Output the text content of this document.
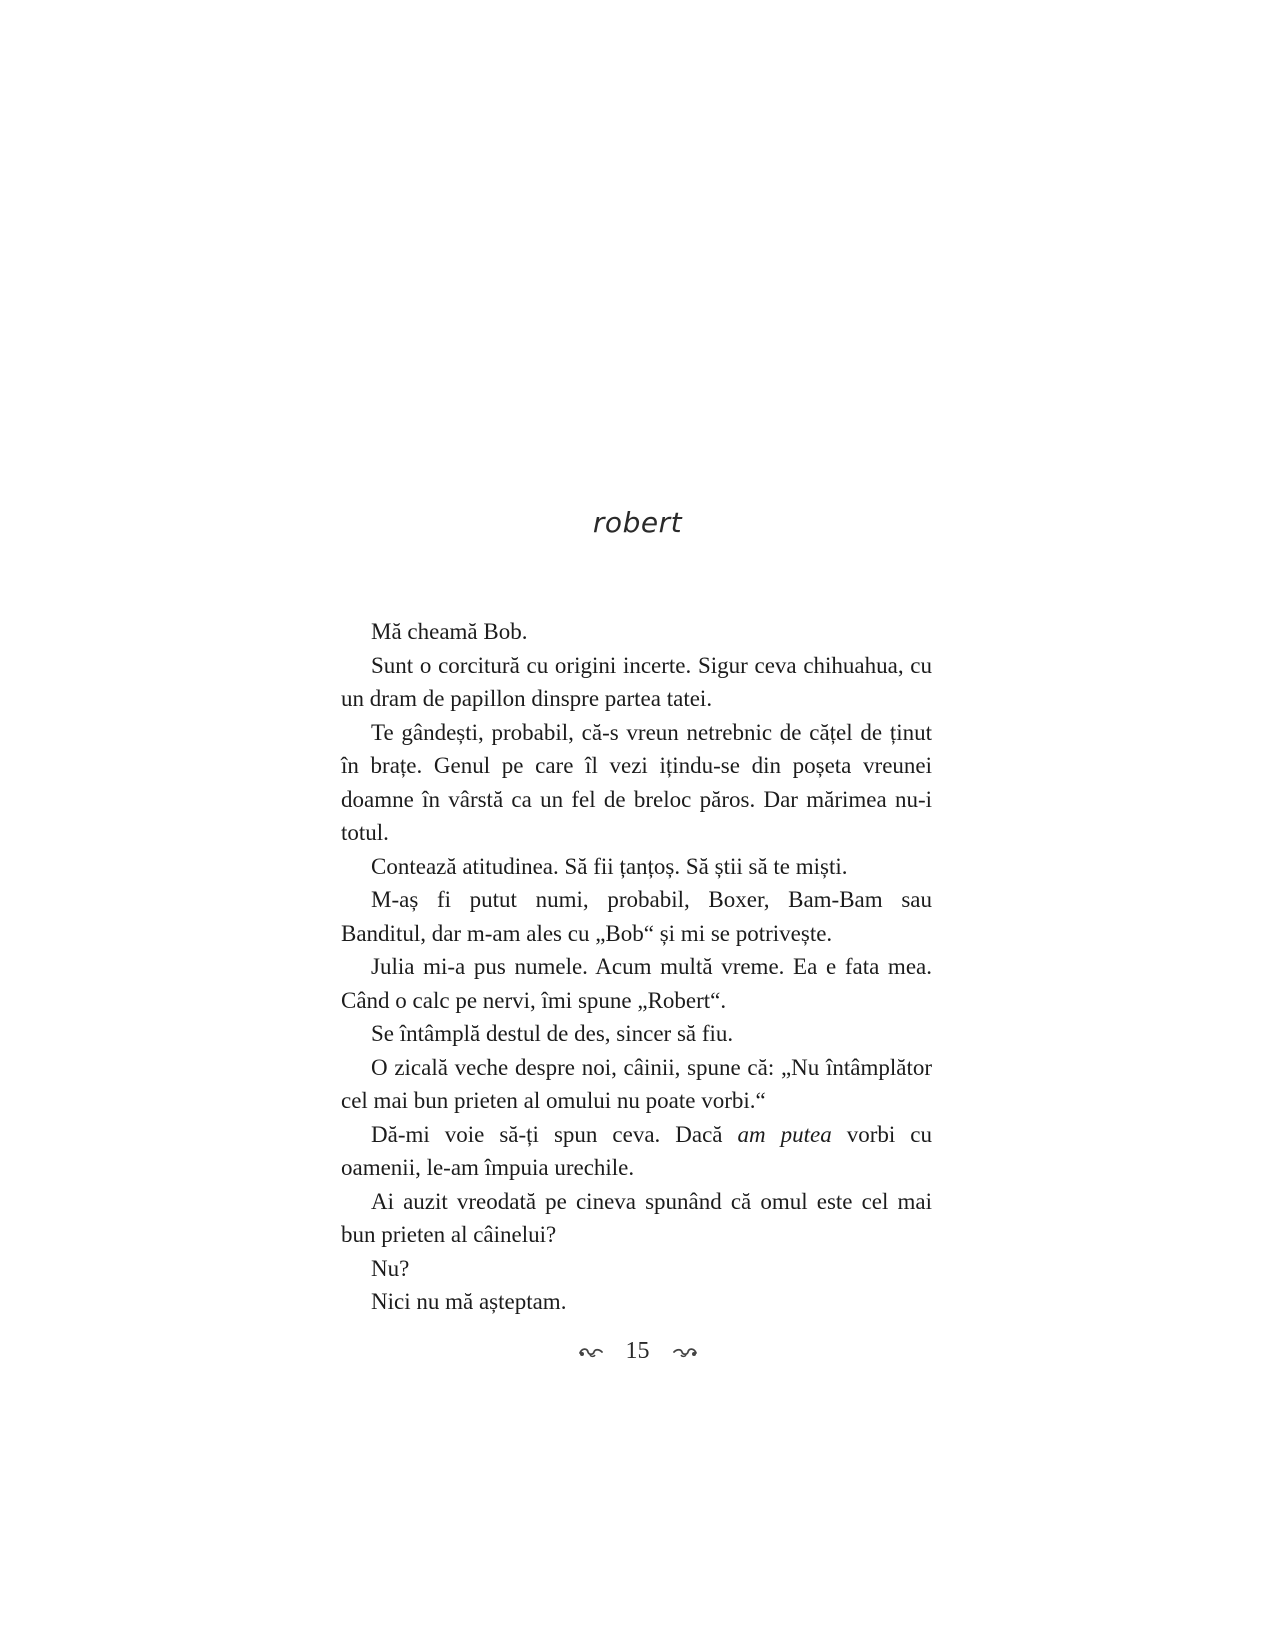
robert

Mă cheamă Bob.

Sunt o corcitură cu origini incerte. Sigur ceva chihuahua, cu un dram de papillon dinspre partea tatei.

Te gândești, probabil, că-s vreun netrebnic de cățel de ținut în brațe. Genul pe care îl vezi ițindu-se din poșeta vreunei doamne în vârstă ca un fel de breloc păros. Dar mărimea nu-i totul.

Contează atitudinea. Să fii țanțoș. Să știi să te miști.

M-aș fi putut numi, probabil, Boxer, Bam-Bam sau Banditul, dar m-am ales cu „Bob“ și mi se potrivește.

Julia mi-a pus numele. Acum multă vreme. Ea e fata mea. Când o calc pe nervi, îmi spune „Robert“.

Se întâmplă destul de des, sincer să fiu.

O zicală veche despre noi, câinii, spune că: „Nu întâmplător cel mai bun prieten al omului nu poate vorbi.“

Dă-mi voie să-ți spun ceva. Dacă am putea vorbi cu oamenii, le-am împuia urechile.

Ai auzit vreodată pe cineva spunând că omul este cel mai bun prieten al câinelui?

Nu?

Nici nu mă așteptam.

15
